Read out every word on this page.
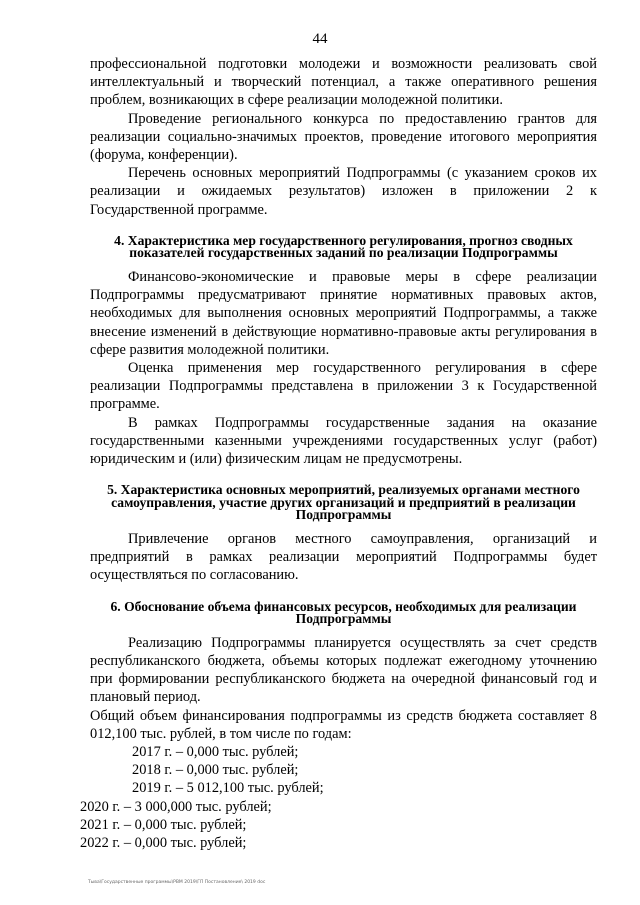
44

профессиональной подготовки молодежи и возможности реализовать свой интеллектуальный и творческий потенциал, а также оперативного решения проблем, возникающих в сфере реализации молодежной политики.

Проведение регионального конкурса по предоставлению грантов для реализации социально-значимых проектов, проведение итогового мероприятия (форума, конференции).

Перечень основных мероприятий Подпрограммы (с указанием сроков их реализации и ожидаемых результатов) изложен в приложении 2 к Государственной программе.

4. Характеристика мер государственного регулирования, прогноз сводных показателей государственных заданий по реализации Подпрограммы

Финансово-экономические и правовые меры в сфере реализации Подпрограммы предусматривают принятие нормативных правовых актов, необходимых для выполнения основных мероприятий Подпрограммы, а также внесение изменений в действующие нормативно-правовые акты регулирования в сфере развития молодежной политики.

Оценка применения мер государственного регулирования в сфере реализации Подпрограммы представлена в приложении 3 к Государственной программе.

В рамках Подпрограммы государственные задания на оказание государственными казенными учреждениями государственных услуг (работ) юридическим и (или) физическим лицам не предусмотрены.

5. Характеристика основных мероприятий, реализуемых органами местного самоуправления, участие других организаций и предприятий в реализации Подпрограммы

Привлечение органов местного самоуправления, организаций и предприятий в рамках реализации мероприятий Подпрограммы будет осуществляться по согласованию.

6. Обоснование объема финансовых ресурсов, необходимых для реализации Подпрограммы

Реализацию Подпрограммы планируется осуществлять за счет средств республиканского бюджета, объемы которых подлежат ежегодному уточнению при формировании республиканского бюджета на очередной финансовый год и плановый период.

Общий объем финансирования подпрограммы из средств бюджета составляет 8 012,100 тыс. рублей, в том числе по годам:

2017 г. – 0,000 тыс. рублей;
2018 г. – 0,000 тыс. рублей;
2019 г. – 5 012,100 тыс. рублей;
2020 г. – 3 000,000 тыс. рублей;
2021 г. – 0,000 тыс. рублей;
2022 г. – 0,000 тыс. рублей;
Тыва\Государственные программы\РВМ 2019\ГП Постановление\ 2019 doc
